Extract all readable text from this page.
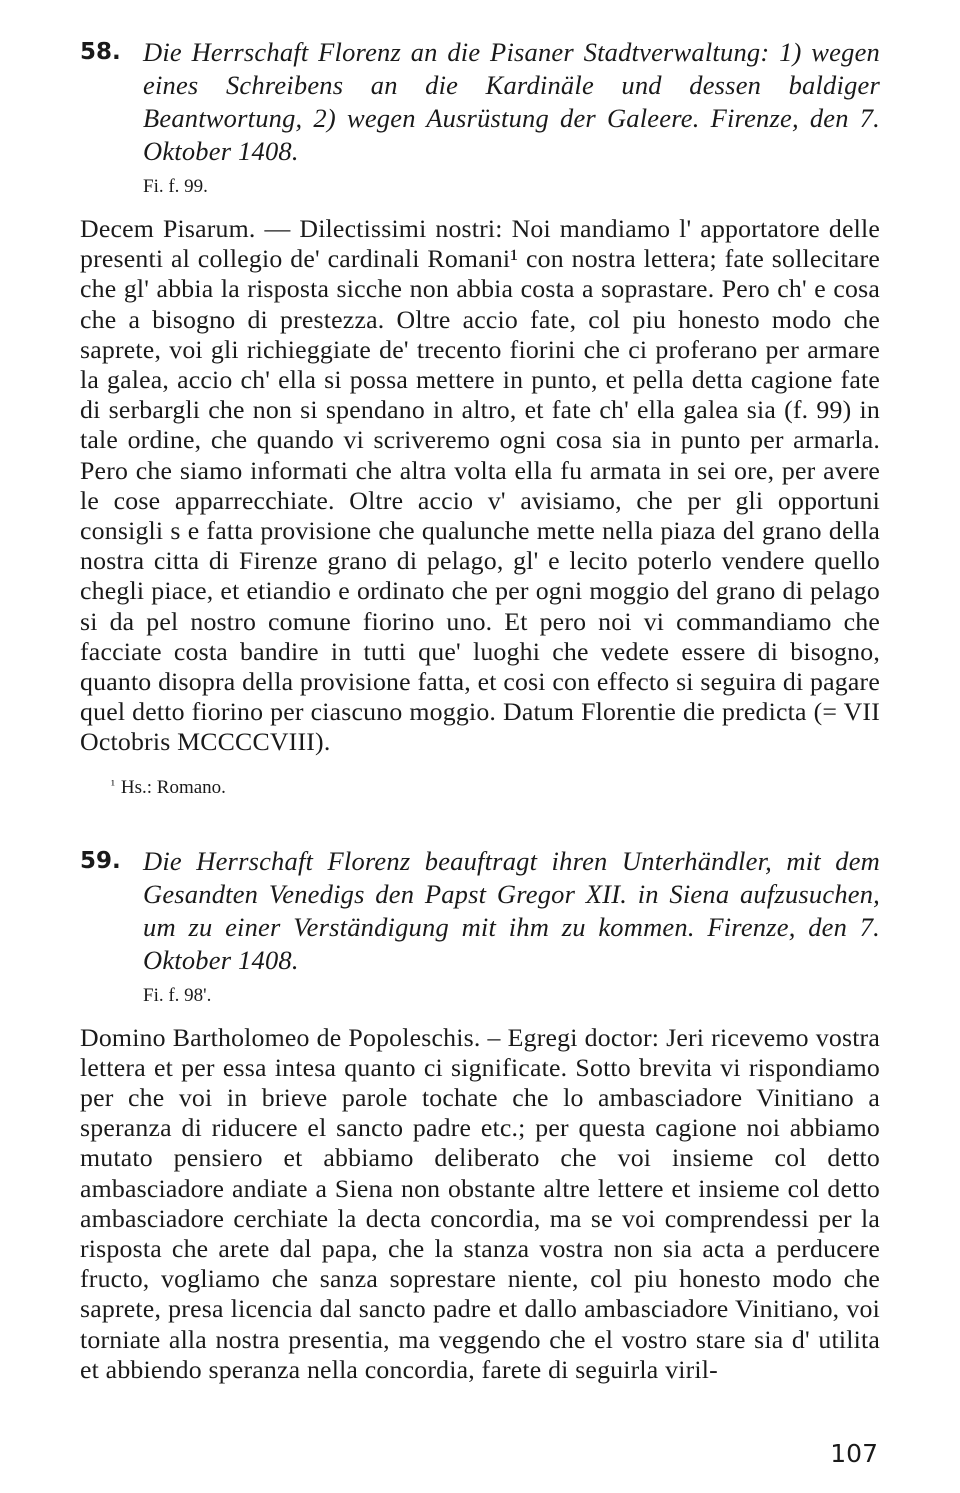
58. Die Herrschaft Florenz an die Pisaner Stadtverwaltung: 1) wegen eines Schreibens an die Kardinäle und dessen baldiger Beantwortung, 2) wegen Ausrüstung der Galeere. Firenze, den 7. Oktober 1408.
Fi. f. 99.

Decem Pisarum. — Dilectissimi nostri: Noi mandiamo l' apportatore delle presenti al collegio de' cardinali Romani¹ con nostra lettera; fate sollecitare che gl' abbia la risposta sicche non abbia costa a soprastare. Pero ch' e cosa che a bisogno di prestezza. Oltre accio fate, col piu honesto modo che saprete, voi gli richieggiate de' trecento fiorini che ci proferano per armare la galea, accio ch' ella si possa mettere in punto, et pella detta cagione fate di serbargli che non si spendano in altro, et fate ch' ella galea sia (f. 99) in tale ordine, che quando vi scriveremo ogni cosa sia in punto per armarla. Pero che siamo informati che altra volta ella fu armata in sei ore, per avere le cose apparrecchiate. Oltre accio v' avisiamo, che per gli opportuni consigli s e fatta provisione che qualunche mette nella piaza del grano della nostra citta di Firenze grano di pelago, gl' e lecito poterlo vendere quello chegli piace, et etiandio e ordinato che per ogni moggio del grano di pelago si da pel nostro comune fiorino uno. Et pero noi vi commandiamo che facciate costa bandire in tutti que' luoghi che vedete essere di bisogno, quanto disopra della provisione fatta, et cosi con effecto si seguira di pagare quel detto fiorino per ciascuno moggio. Datum Florentie die predicta (= VII Octobris MCCCCVIII).

$^{^1}$ Hs.: Romano.
59. Die Herrschaft Florenz beauftragt ihren Unterhändler, mit dem Gesandten Venedigs den Papst Gregor XII. in Siena aufzusuchen, um zu einer Verständigung mit ihm zu kommen. Firenze, den 7. Oktober 1408.
Fi. f. 98'.

Domino Bartholomeo de Popoleschis. – Egregi doctor: Jeri ricevemo vostra lettera et per essa intesa quanto ci significate. Sotto brevita vi rispondiamo per che voi in brieve parole tochate che lo ambasciadore Vinitiano a speranza di riducere el sancto padre etc.; per questa cagione noi abbiamo mutato pensiero et abbiamo deliberato che voi insieme col detto ambasciadore andiate a Siena non obstante altre lettere et insieme col detto ambasciadore cerchiate la decta concordia, ma se voi comprendessi per la risposta che arete dal papa, che la stanza vostra non sia acta a perducere fructo, vogliamo che sanza soprestare niente, col piu honesto modo che saprete, presa licencia dal sancto padre et dallo ambasciadore Vinitiano, voi torniate alla nostra presentia, ma veggendo che el vostro stare sia d' utilita et abbiendo speranza nella concordia, farete di seguirla viril-

107
